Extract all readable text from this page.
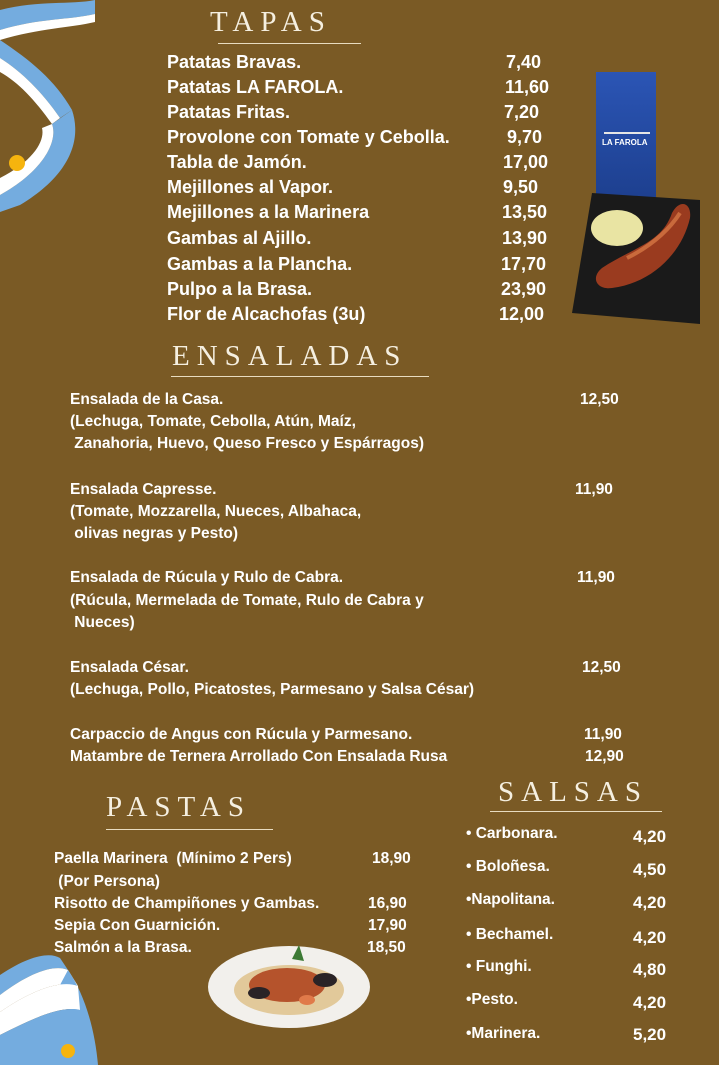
TAPAS
Patatas Bravas.	7,40
Patatas LA FAROLA.	11,60
Patatas Fritas.	7,20
Provolone con Tomate y Cebolla.	9,70
Tabla de Jamón.	17,00
Mejillones al Vapor.	9,50
Mejillones a la Marinera	13,50
Gambas al Ajillo.	13,90
Gambas a la Plancha.	17,70
Pulpo a la Brasa.	23,90
Flor de Alcachofas (3u)	12,00
LA FAROLA
ENSALADAS
Ensalada de la Casa.	12,50
(Lechuga, Tomate, Cebolla, Atún, Maíz,
Zanahoria, Huevo, Queso Fresco y Espárragos)
Ensalada Capresse.	11,90
(Tomate, Mozzarella, Nueces, Albahaca,
olivas negras y Pesto)
Ensalada de Rúcula y Rulo de Cabra.	11,90
(Rúcula, Mermelada de Tomate, Rulo de Cabra y
Nueces)
Ensalada César.	12,50
(Lechuga, Pollo, Picatostes, Parmesano y Salsa César)
Carpaccio de Angus con Rúcula y Parmesano.	11,90
Matambre de Ternera Arrollado Con Ensalada Rusa	12,90
SALSAS
• Carbonara.	4,20
• Boloñesa.	4,50
•Napolitana.	4,20
• Bechamel.	4,20
• Funghi.	4,80
•Pesto.	4,20
•Marinera.	5,20
PASTAS
Paella Marinera  (Mínimo 2 Pers)	18,90
(Por Persona)
Risotto de Champiñones y Gambas.	16,90
Sepia Con Guarnición.	17,90
Salmón a la Brasa.	18,50
